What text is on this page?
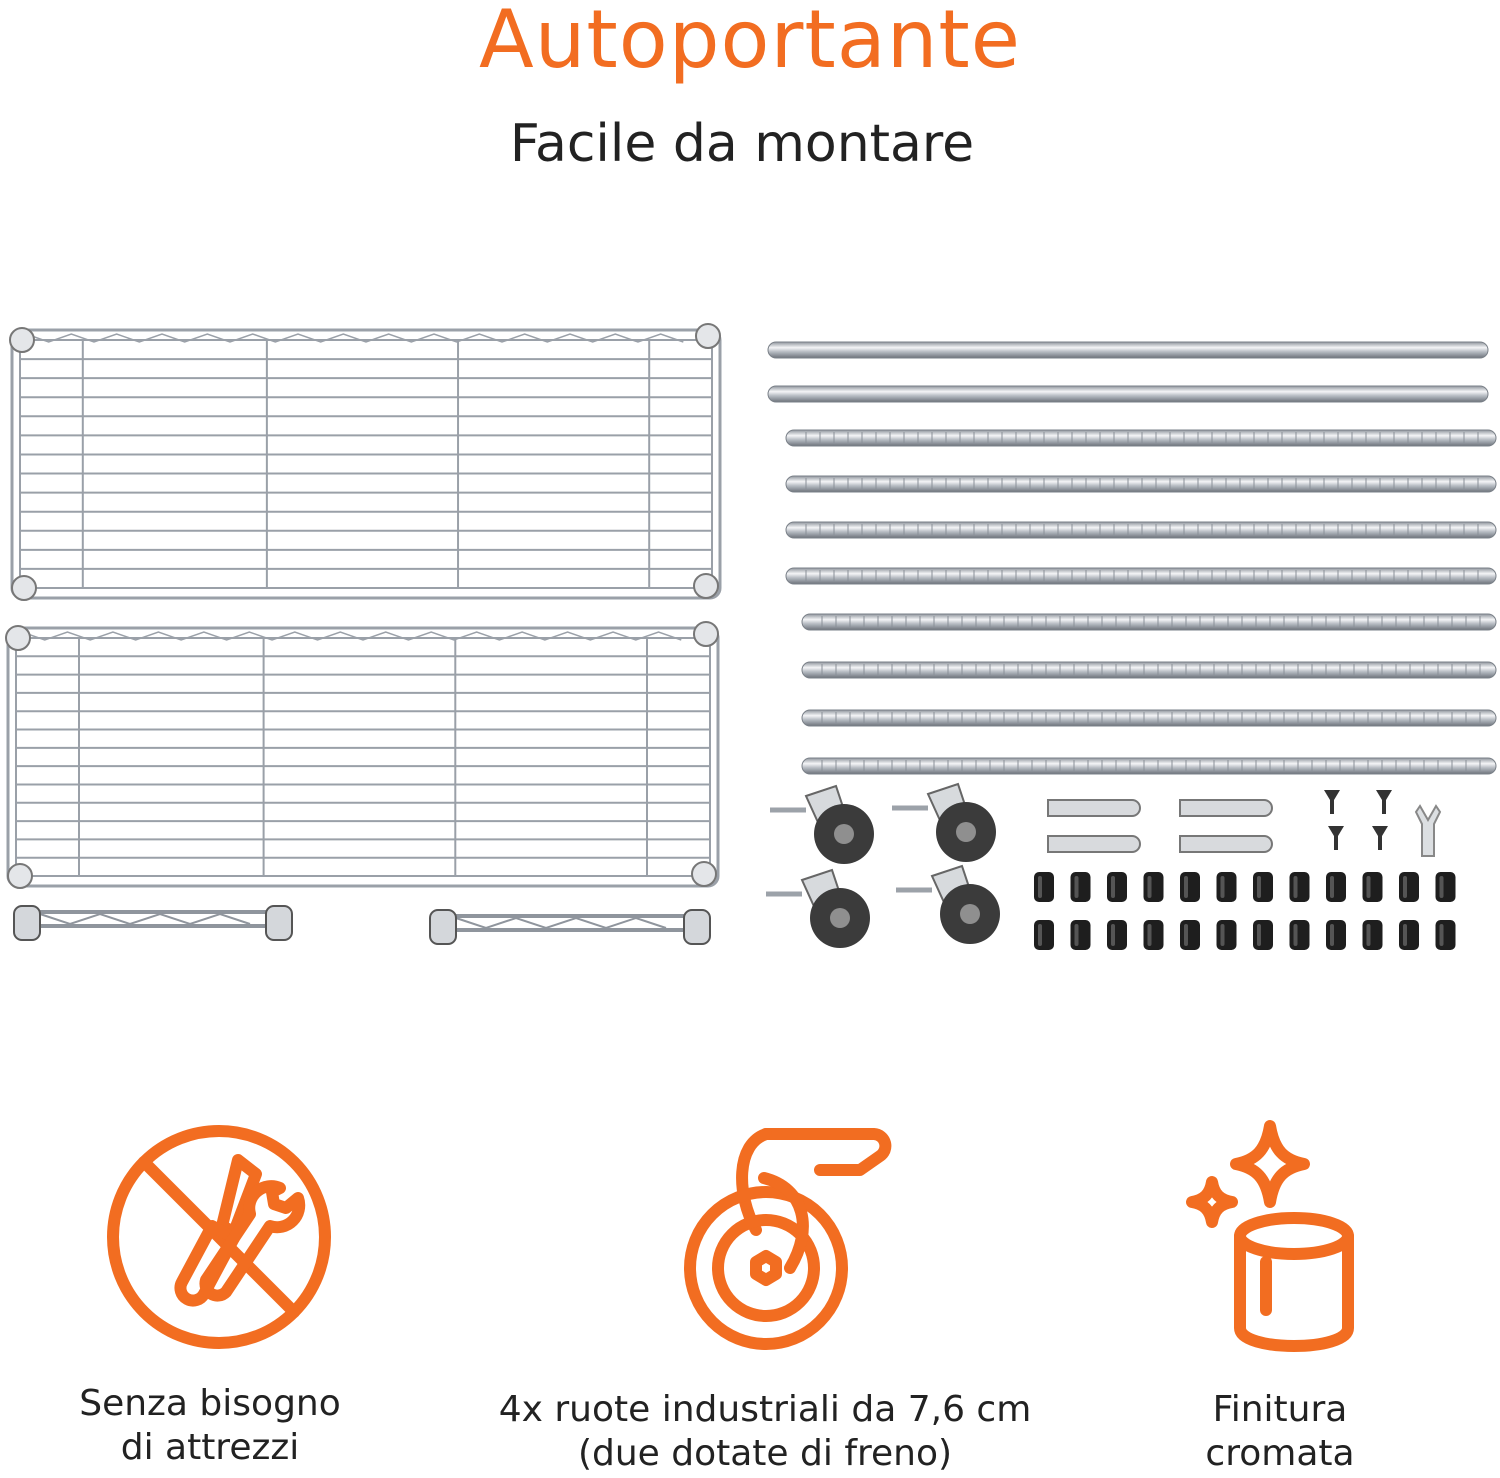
Autoportante
Facile da montare
Senza bisogno
di attrezzi
4x ruote industriali da 7,6 cm
(due dotate di freno)
Finitura
cromata
